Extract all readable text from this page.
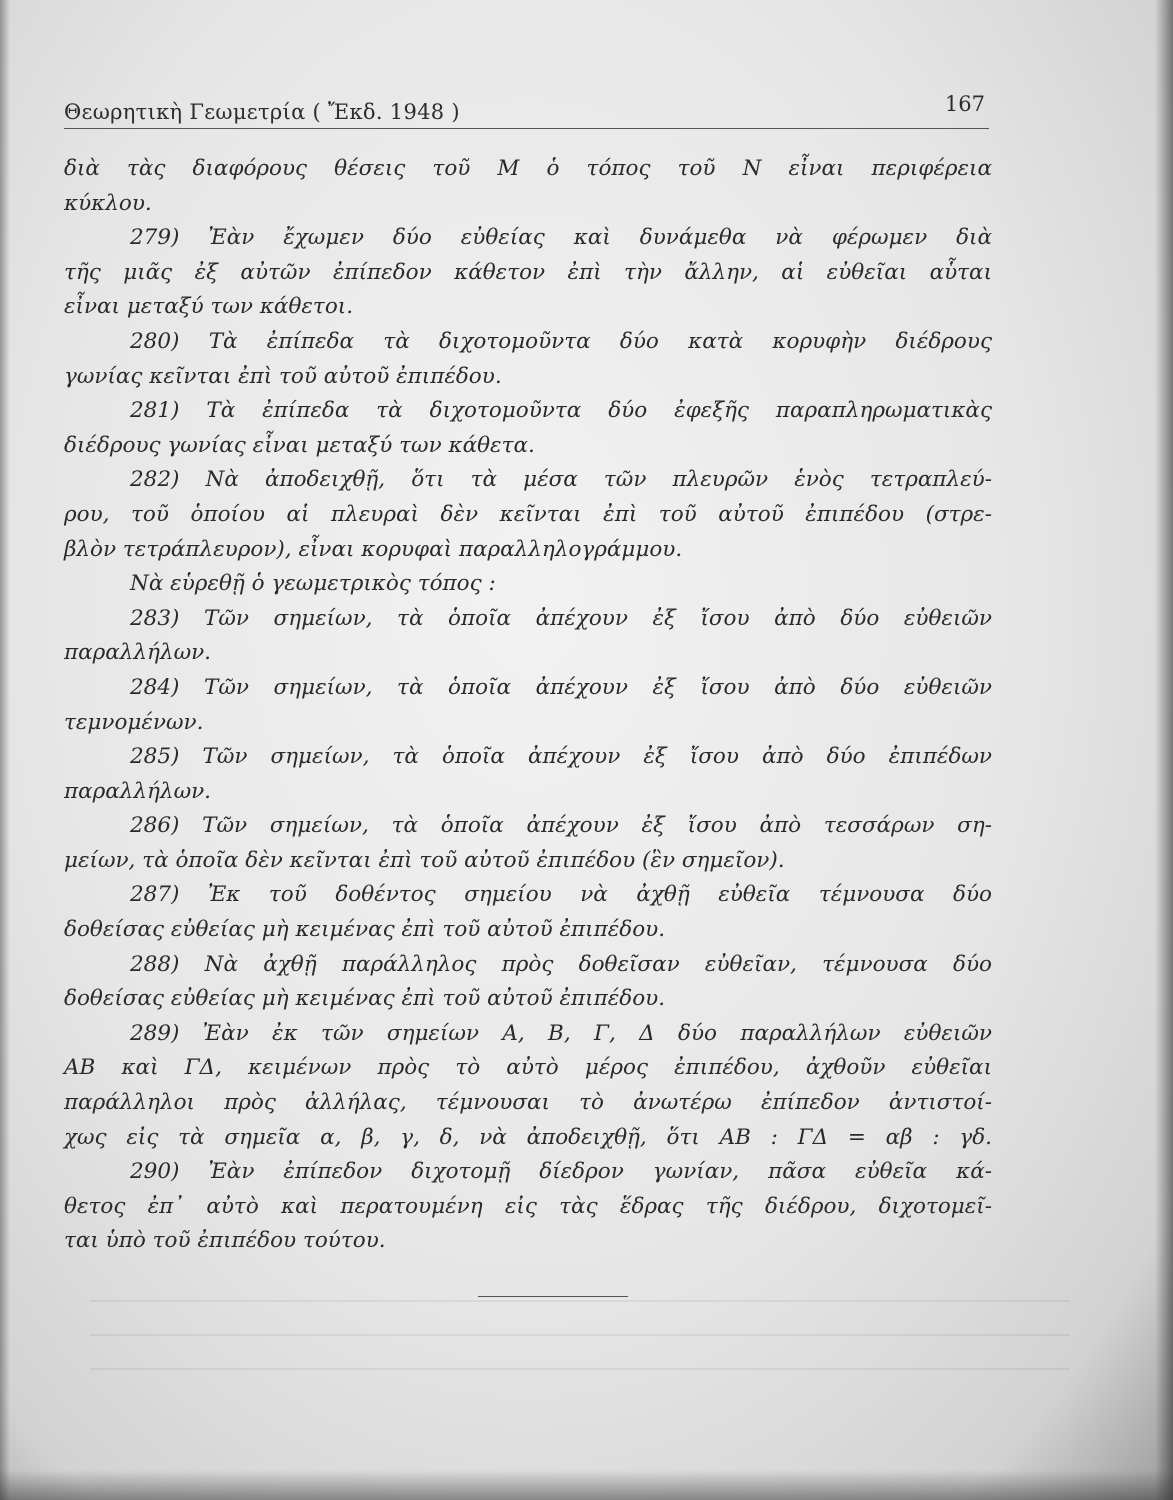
Θεωρητικὴ Γεωμετρία ( Ἔκδ. 1948 )	167
διὰ τὰς διαφόρους θέσεις τοῦ Μ ὁ τόπος τοῦ Ν εἶναι περιφέρεια
κύκλου.
279) Ἐὰν ἔχωμεν δύο εὐθείας καὶ δυνάμεθα νὰ φέρωμεν διὰ
τῆς μιᾶς ἐξ αὐτῶν ἐπίπεδον κάθετον ἐπὶ τὴν ἄλλην, αἱ εὐθεῖαι αὗται
εἶναι μεταξύ των κάθετοι.
280) Τὰ ἐπίπεδα τὰ διχοτομοῦντα δύο κατὰ κορυφὴν διέδρους
γωνίας κεῖνται ἐπὶ τοῦ αὐτοῦ ἐπιπέδου.
281) Τὰ ἐπίπεδα τὰ διχοτομοῦντα δύο ἐφεξῆς παραπληρωματικὰς
διέδρους γωνίας εἶναι μεταξύ των κάθετα.
282) Νὰ ἀποδειχθῇ, ὅτι τὰ μέσα τῶν πλευρῶν ἑνὸς τετραπλεύ-
ρου, τοῦ ὁποίου αἱ πλευραὶ δὲν κεῖνται ἐπὶ τοῦ αὐτοῦ ἐπιπέδου (στρε-
βλὸν τετράπλευρον), εἶναι κορυφαὶ παραλληλογράμμου.
Νὰ εὑρεθῇ ὁ γεωμετρικὸς τόπος :
283) Τῶν σημείων, τὰ ὁποῖα ἀπέχουν ἐξ ἴσου ἀπὸ δύο εὐθειῶν
παραλλήλων.
284) Τῶν σημείων, τὰ ὁποῖα ἀπέχουν ἐξ ἴσου ἀπὸ δύο εὐθειῶν
τεμνομένων.
285) Τῶν σημείων, τὰ ὁποῖα ἀπέχουν ἐξ ἴσου ἀπὸ δύο ἐπιπέδων
παραλλήλων.
286) Τῶν σημείων, τὰ ὁποῖα ἀπέχουν ἐξ ἴσου ἀπὸ τεσσάρων ση-
μείων, τὰ ὁποῖα δὲν κεῖνται ἐπὶ τοῦ αὐτοῦ ἐπιπέδου (ἓν σημεῖον).
287) Ἐκ τοῦ δοθέντος σημείου νὰ ἀχθῇ εὐθεῖα τέμνουσα δύο
δοθείσας εὐθείας μὴ κειμένας ἐπὶ τοῦ αὐτοῦ ἐπιπέδου.
288) Νὰ ἀχθῇ παράλληλος πρὸς δοθεῖσαν εὐθεῖαν, τέμνουσα δύο
δοθείσας εὐθείας μὴ κειμένας ἐπὶ τοῦ αὐτοῦ ἐπιπέδου.
289) Ἐὰν ἐκ τῶν σημείων Α, Β, Γ, Δ δύο παραλλήλων εὐθειῶν
ΑΒ καὶ ΓΔ, κειμένων πρὸς τὸ αὐτὸ μέρος ἐπιπέδου, ἀχθοῦν εὐθεῖαι
παράλληλοι πρὸς ἀλλήλας, τέμνουσαι τὸ ἀνωτέρω ἐπίπεδον ἀντιστοί-
χως εἰς τὰ σημεῖα α, β, γ, δ, νὰ ἀποδειχθῇ, ὅτι ΑΒ : ΓΔ = αβ : γδ.
290) Ἐὰν ἐπίπεδον διχοτομῇ δίεδρον γωνίαν, πᾶσα εὐθεῖα κά-
θετος ἐπ᾽ αὐτὸ καὶ περατουμένη εἰς τὰς ἕδρας τῆς διέδρου, διχοτομεῖ-
ται ὑπὸ τοῦ ἐπιπέδου τούτου.
